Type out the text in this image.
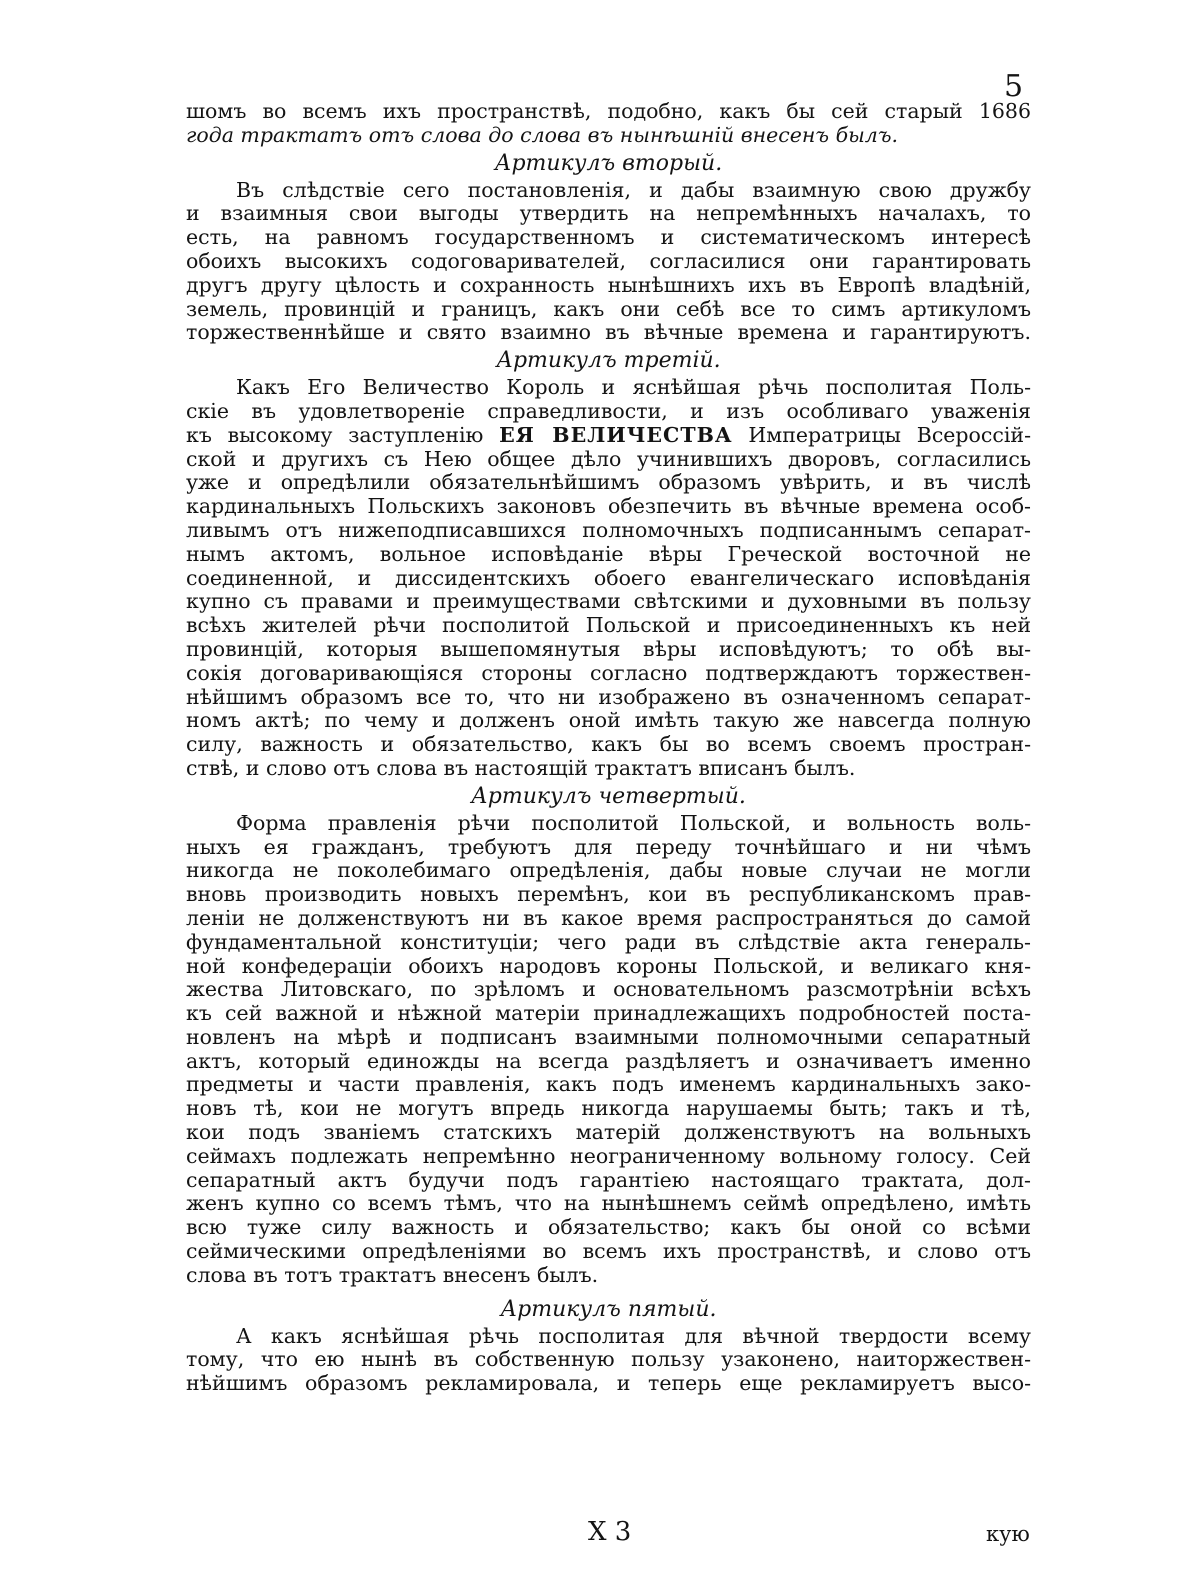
5
шомъ во всемъ ихъ пространствѣ, подобно, какъ бы сей старый 1686
года трактатъ отъ слова до слова въ нынѣшній внесенъ былъ.
Артикулъ вторый.
Въ слѣдствіе сего постановленія, и дабы взаимную свою дружбу
и взаимныя свои выгоды утвердить на непремѣнныхъ началахъ, то
есть, на равномъ государственномъ и систематическомъ интересѣ
обоихъ высокихъ содоговаривателей, согласилися они гарантировать
другъ другу цѣлость и сохранность нынѣшнихъ ихъ въ Европѣ владѣній,
земель, провинцій и границъ, какъ они себѣ все то симъ артикуломъ
торжественнѣйше и свято взаимно въ вѣчные времена и гарантируютъ.
Артикулъ третій.
Какъ Его Величество Король и яснѣйшая рѣчь посполитая Поль-
скіе въ удовлетвореніе справедливости, и изъ особливаго уваженія
къ высокому заступленію ЕЯ ВЕЛИЧЕСТВА Императрицы Всероссій-
ской и другихъ съ Нею общее дѣло учинившихъ дворовъ, согласились
уже и опредѣлили обязательнѣйшимъ образомъ увѣрить, и въ числѣ
кардинальныхъ Польскихъ законовъ обезпечить въ вѣчные времена особ-
ливымъ отъ нижеподписавшихся полномочныхъ подписаннымъ сепарат-
нымъ актомъ, вольное исповѣданіе вѣры Греческой восточной не
соединенной, и диссидентскихъ обоего евангелическаго исповѣданія
купно съ правами и преимуществами свѣтскими и духовными въ пользу
всѣхъ жителей рѣчи посполитой Польской и присоединенныхъ къ ней
провинцій, которыя вышепомянутыя вѣры исповѣдуютъ; то обѣ вы-
сокія договаривающіяся стороны согласно подтверждаютъ торжествен-
нѣйшимъ образомъ все то, что ни изображено въ означенномъ сепарат-
номъ актѣ; по чему и долженъ оной имѣть такую же навсегда полную
силу, важность и обязательство, какъ бы во всемъ своемъ простран-
ствѣ, и слово отъ слова въ настоящій трактатъ вписанъ былъ.
Артикулъ четвертый.
Форма правленія рѣчи посполитой Польской, и вольность воль-
ныхъ ея гражданъ, требуютъ для переду точнѣйшаго и ни чѣмъ
никогда не поколебимаго опредѣленія, дабы новые случаи не могли
вновь производить новыхъ перемѣнъ, кои въ республиканскомъ прав-
леніи не долженствуютъ ни въ какое время распространяться до самой
фундаментальной конституціи; чего ради въ слѣдствіе акта генераль-
ной конфедераціи обоихъ народовъ короны Польской, и великаго кня-
жества Литовскаго, по зрѣломъ и основательномъ разсмотрѣніи всѣхъ
къ сей важной и нѣжной матеріи принадлежащихъ подробностей поста-
новленъ на мѣрѣ и подписанъ взаимными полномочными сепаратный
актъ, который единожды на всегда раздѣляетъ и означиваетъ именно
предметы и части правленія, какъ подъ именемъ кардинальныхъ зако-
новъ тѣ, кои не могутъ впредь никогда нарушаемы быть; такъ и тѣ,
кои подъ званіемъ статскихъ матерій долженствуютъ на вольныхъ
сеймахъ подлежать непремѣнно неограниченному вольному голосу. Сей
сепаратный актъ будучи подъ гарантіею настоящаго трактата, дол-
женъ купно со всемъ тѣмъ, что на нынѣшнемъ сеймѣ опредѣлено, имѣть
всю туже силу важность и обязательство; какъ бы оной со всѣми
сеймическими опредѣленіями во всемъ ихъ пространствѣ, и слово отъ
слова въ тотъ трактатъ внесенъ былъ.
Артикулъ пятый.
А какъ яснѣйшая рѣчь посполитая для вѣчной твердости всему
тому, что ею нынѣ въ собственную пользу узаконено, наиторжествен-
нѣйшимъ образомъ рекламировала, и теперь еще рекламируетъ высо-
Х 3	кую
